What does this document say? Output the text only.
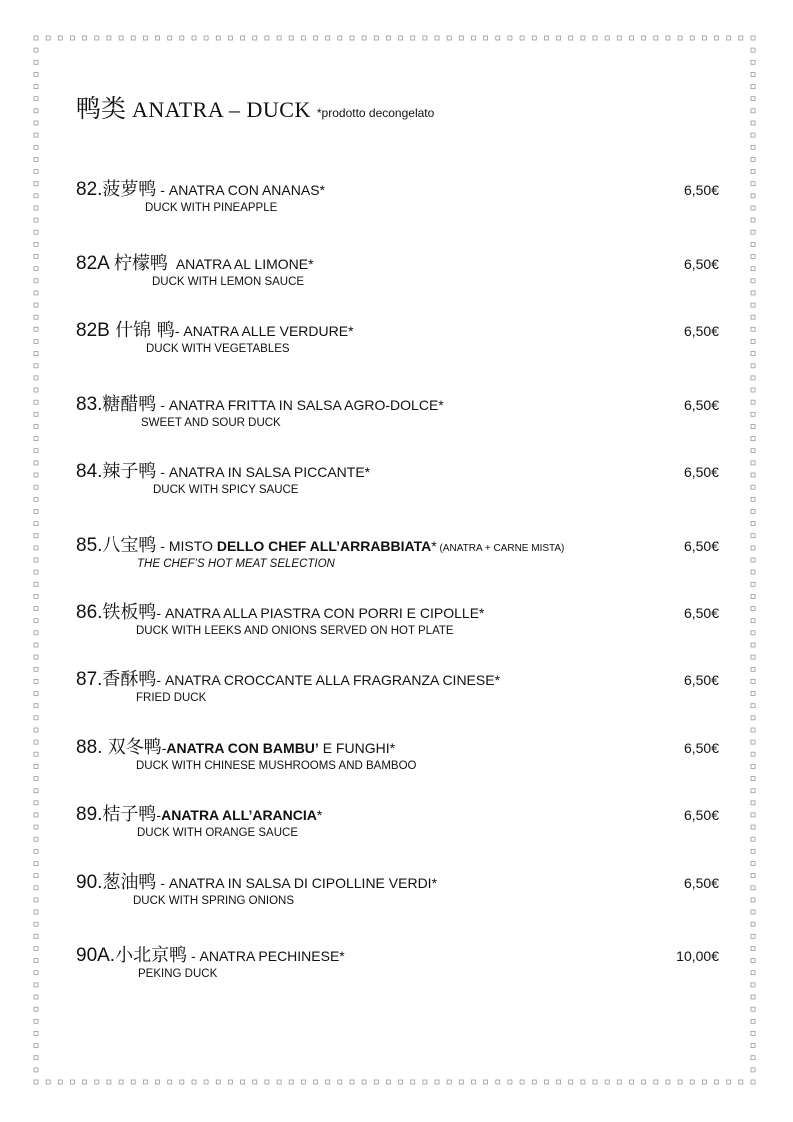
鸭类 ANATRA – DUCK *prodotto decongelato
82.菠萝鸭 - ANATRA CON ANANAS*	6,50€
DUCK WITH PINEAPPLE
82A 柠檬鸭  ANATRA AL LIMONE*	6,50€
DUCK WITH LEMON SAUCE
82B 什锦 鸭- ANATRA ALLE VERDURE*	6,50€
DUCK WITH VEGETABLES
83.糖醋鸭 - ANATRA FRITTA IN SALSA AGRO-DOLCE*	6,50€
SWEET AND SOUR DUCK
84.辣子鸭 - ANATRA IN SALSA PICCANTE*	6,50€
DUCK WITH SPICY SAUCE
85.八宝鸭 - MISTO DELLO CHEF ALL’ARRABBIATA* (ANATRA + CARNE MISTA)	6,50€
THE CHEF’S HOT MEAT SELECTION
86.铁板鸭- ANATRA ALLA PIASTRA CON PORRI E CIPOLLE*	6,50€
DUCK WITH LEEKS AND ONIONS SERVED ON HOT PLATE
87.香酥鸭- ANATRA CROCCANTE ALLA FRAGRANZA CINESE*	6,50€
FRIED DUCK
88. 双冬鸭-ANATRA CON BAMBU’ E FUNGHI*	6,50€
DUCK WITH CHINESE MUSHROOMS AND BAMBOO
89.桔子鸭-ANATRA ALL’ARANCIA*	6,50€
DUCK WITH ORANGE SAUCE
90.葱油鸭 - ANATRA IN SALSA DI CIPOLLINE VERDI*	6,50€
DUCK WITH SPRING ONIONS
90A.小北京鸭 - ANATRA PECHINESE*	10,00€
PEKING DUCK
